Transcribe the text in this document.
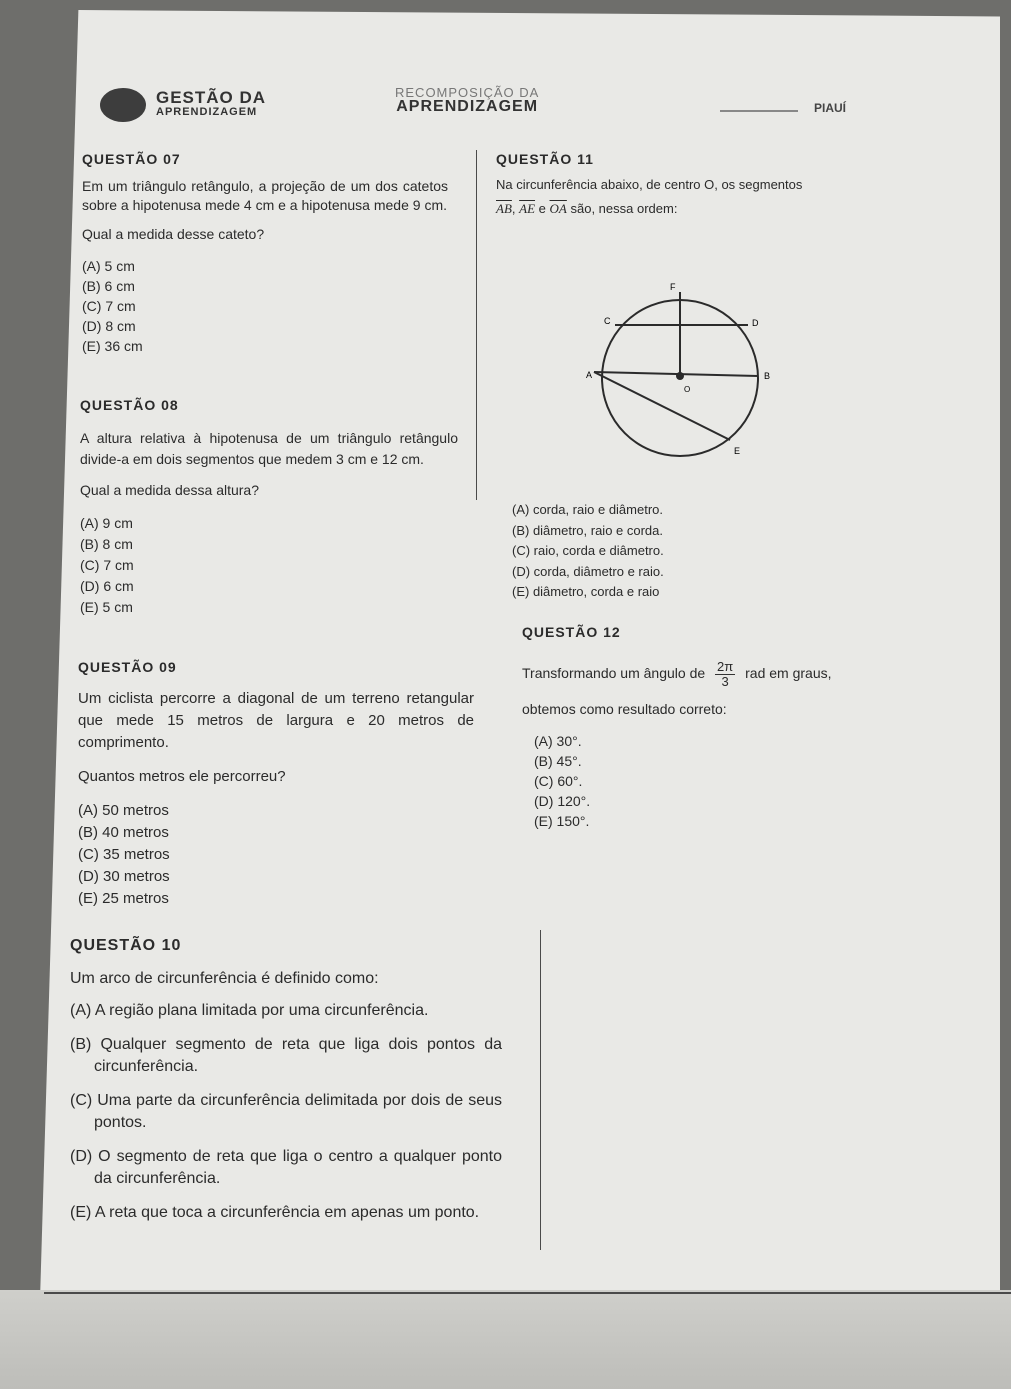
GESTÃO DA
APRENDIZAGEM
RECOMPOSIÇÃO DA
APRENDIZAGEM	PIAUÍ
QUESTÃO 07
Em um triângulo retângulo, a projeção de um dos catetos sobre a hipotenusa mede 4 cm e a hipotenusa mede 9 cm.
Qual a medida desse cateto?
(A) 5 cm
(B) 6 cm
(C) 7 cm
(D) 8 cm
(E) 36 cm
QUESTÃO 08
A altura relativa à hipotenusa de um triângulo retângulo divide-a em dois segmentos que medem 3 cm e 12 cm.
Qual a medida dessa altura?
(A) 9 cm
(B) 8 cm
(C) 7 cm
(D) 6 cm
(E) 5 cm
QUESTÃO 09
Um ciclista percorre a diagonal de um terreno retangular que mede 15 metros de largura e 20 metros de comprimento.
Quantos metros ele percorreu?
(A) 50 metros
(B) 40 metros
(C) 35 metros
(D) 30 metros
(E) 25 metros
QUESTÃO 10
Um arco de circunferência é definido como:
(A) A região plana limitada por uma circunferência.
(B) Qualquer segmento de reta que liga dois pontos da circunferência.
(C) Uma parte da circunferência delimitada por dois de seus pontos.
(D) O segmento de reta que liga o centro a qualquer ponto da circunferência.
(E) A reta que toca a circunferência em apenas um ponto.
QUESTÃO 11
Na circunferência abaixo, de centro O, os segmentos
$\overline{AB}$, $\overline{AE}$ e $\overline{OA}$ são, nessa ordem:
F
C	D
A	B
O
E
(A) corda, raio e diâmetro.
(B) diâmetro, raio e corda.
(C) raio, corda e diâmetro.
(D) corda, diâmetro e raio.
(E) diâmetro, corda e raio
QUESTÃO 12
Transformando um ângulo de $\frac{2\pi}{3}$ rad em graus,
obtemos como resultado correto:
(A) 30°.
(B) 45°.
(C) 60°.
(D) 120°.
(E) 150°.
